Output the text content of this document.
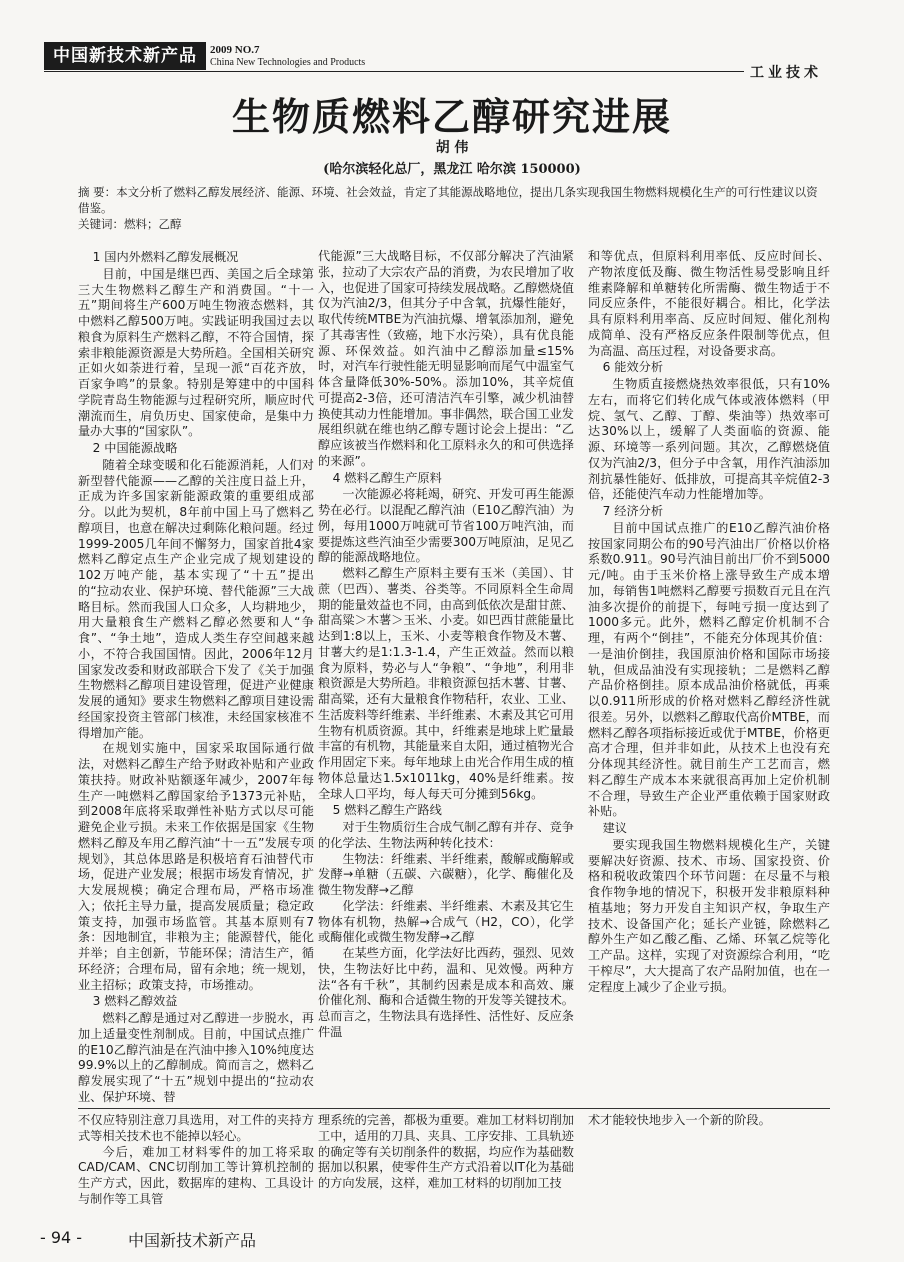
中国新技术新产品	2009 NO.7
China New Technologies and Products
工业技术
生物质燃料乙醇研究进展
胡 伟
(哈尔滨轻化总厂，黑龙江 哈尔滨 150000)

摘 要：本文分析了燃料乙醇发展经济、能源、环境、社会效益，肯定了其能源战略地位，提出几条实现我国生物燃料规模化生产的可行性建议以资借鉴。

关键词：燃料；乙醇

1 国内外燃料乙醇发展概况

目前，中国是继巴西、美国之后全球第三大生物燃料乙醇生产和消费国。“十一五”期间将生产600万吨生物液态燃料，其中燃料乙醇500万吨。实践证明我国过去以粮食为原料生产燃料乙醇，不符合国情，探索非粮能源资源是大势所趋。全国相关研究正如火如荼进行着，呈现一派“百花齐放，百家争鸣”的景象。特别是筹建中的中国科学院青岛生物能源与过程研究所，顺应时代潮流而生，肩负历史、国家使命，是集中力量办大事的“国家队”。

2 中国能源战略

随着全球变暖和化石能源消耗，人们对新型替代能源——乙醇的关注度日益上升，正成为许多国家新能源政策的重要组成部分。以此为契机，8年前中国上马了燃料乙醇项目，也意在解决过剩陈化粮问题。经过1999-2005几年间不懈努力，国家首批4家燃料乙醇定点生产企业完成了规划建设的102万吨产能，基本实现了“十五”提出的“拉动农业、保护环境、替代能源”三大战略目标。然而我国人口众多，人均耕地少，用大量粮食生产燃料乙醇必然要和人“争食”、“争土地”，造成人类生存空间越来越小，不符合我国国情。因此，2006年12月国家发改委和财政部联合下发了《关于加强生物燃料乙醇项目建设管理，促进产业健康发展的通知》要求生物燃料乙醇项目建设需经国家投资主管部门核准，未经国家核准不得增加产能。

在规划实施中，国家采取国际通行做法，对燃料乙醇生产给予财政补贴和产业政策扶持。财政补贴额逐年减少，2007年每生产一吨燃料乙醇国家给予1373元补贴，到2008年底将采取弹性补贴方式以尽可能避免企业亏损。未来工作依据是国家《生物燃料乙醇及车用乙醇汽油“十一五”发展专项规划》，其总体思路是积极培育石油替代市场，促进产业发展；根据市场发育情况，扩大发展规模；确定合理布局，严格市场准入；依托主导力量，提高发展质量；稳定政策支持，加强市场监管。其基本原则有7条：因地制宜，非粮为主；能源替代，能化并举；自主创新，节能环保；清洁生产，循环经济；合理布局，留有余地；统一规划，业主招标；政策支持，市场推动。

3 燃料乙醇效益

燃料乙醇是通过对乙醇进一步脱水，再加上适量变性剂制成。目前，中国试点推广的E10乙醇汽油是在汽油中掺入10%纯度达99.9%以上的乙醇制成。简而言之，燃料乙醇发展实现了“十五”规划中提出的“拉动农业、保护环境、替

代能源”三大战略目标，不仅部分解决了汽油紧张，拉动了大宗农产品的消费，为农民增加了收入，也促进了国家可持续发展战略。乙醇燃烧值仅为汽油2/3，但其分子中含氧，抗爆性能好，取代传统MTBE为汽油抗爆、增氧添加剂，避免了其毒害性（致癌，地下水污染），具有优良能源、环保效益。如汽油中乙醇添加量≤15%时，对汽车行驶性能无明显影响而尾气中温室气体含量降低30%-50%。添加10%，其辛烷值可提高2-3倍，还可清洁汽车引擎，减少机油替换使其动力性能增加。事非偶然，联合国工业发展组织就在维也纳乙醇专题讨论会上提出：“乙醇应该被当作燃料和化工原料永久的和可供选择的来源”。

4 燃料乙醇生产原料

一次能源必将耗竭，研究、开发可再生能源势在必行。以混配乙醇汽油（E10乙醇汽油）为例，每用1000万吨就可节省100万吨汽油，而要提炼这些汽油至少需要300万吨原油，足见乙醇的能源战略地位。

燃料乙醇生产原料主要有玉米（美国）、甘蔗（巴西）、薯类、谷类等。不同原料全生命周期的能量效益也不同，由高到低依次是甜甘蔗、甜高粱＞木薯＞玉米、小麦。如巴西甘蔗能量比达到1:8以上，玉米、小麦等粮食作物及木薯、甘薯大约是1:1.3-1.4，产生正效益。然而以粮食为原料，势必与人“争粮”、“争地”，利用非粮资源是大势所趋。非粮资源包括木薯、甘薯、甜高粱，还有大量粮食作物秸秆，农业、工业、生活废料等纤维素、半纤维素、木素及其它可用生物有机质资源。其中，纤维素是地球上贮量最丰富的有机物，其能量来自太阳，通过植物光合作用固定下来。每年地球上由光合作用生成的植物体总量达1.5x1011kg，40%是纤维素。按全球人口平均，每人每天可分摊到56kg。

5 燃料乙醇生产路线

对于生物质衍生合成气制乙醇有并存、竞争的化学法、生物法两种转化技术：

生物法：纤维素、半纤维素，酸解或酶解或发酵→单糖（五碳、六碳糖），化学、酶催化及微生物发酵→乙醇

化学法：纤维素、半纤维素、木素及其它生物体有机物，热解→合成气（H2，CO），化学或酶催化或微生物发酵→乙醇

在某些方面，化学法好比西药，强烈、见效快，生物法好比中药，温和、见效慢。两种方法“各有千秋”，其制约因素是成本和高效、廉价催化剂、酶和合适微生物的开发等关键技术。总而言之，生物法具有选择性、活性好、反应条件温

和等优点，但原料利用率低、反应时间长、产物浓度低及酶、微生物活性易受影响且纤维素降解和单糖转化所需酶、微生物适于不同反应条件，不能很好耦合。相比，化学法具有原料利用率高、反应时间短、催化剂构成简单、没有严格反应条件限制等优点，但为高温、高压过程，对设备要求高。

6 能效分析

生物质直接燃烧热效率很低，只有10%左右，而将它们转化成气体或液体燃料（甲烷、氢气、乙醇、丁醇、柴油等）热效率可达30%以上，缓解了人类面临的资源、能源、环境等一系列问题。其次，乙醇燃烧值仅为汽油2/3，但分子中含氧，用作汽油添加剂抗暴性能好、低排放，可提高其辛烷值2-3倍，还能使汽车动力性能增加等。

7 经济分析

目前中国试点推广的E10乙醇汽油价格按国家同期公布的90号汽油出厂价格以价格系数0.911。90号汽油目前出厂价不到5000元/吨。由于玉米价格上涨导致生产成本增加，每销售1吨燃料乙醇要亏损数百元且在汽油多次提价的前提下，每吨亏损一度达到了1000多元。此外，燃料乙醇定价机制不合理，有两个“倒挂”，不能充分体现其价值：一是油价倒挂，我国原油价格和国际市场接轨，但成品油没有实现接轨；二是燃料乙醇产品价格倒挂。原本成品油价格就低，再乘以0.911所形成的价格对燃料乙醇经济性就很差。另外，以燃料乙醇取代高价MTBE，而燃料乙醇各项指标接近或优于MTBE，价格更高才合理，但并非如此，从技术上也没有充分体现其经济性。就目前生产工艺而言，燃料乙醇生产成本本来就很高再加上定价机制不合理，导致生产企业严重依赖于国家财政补贴。

建议

要实现我国生物燃料规模化生产，关键要解决好资源、技术、市场、国家投资、价格和税收政策四个环节问题：在尽量不与粮食作物争地的情况下，积极开发非粮原料种植基地；努力开发自主知识产权，争取生产技术、设备国产化；延长产业链，除燃料乙醇外生产如乙酸乙酯、乙烯、环氧乙烷等化工产品。这样，实现了对资源综合利用，“吃干榨尽”，大大提高了农产品附加值，也在一定程度上减少了企业亏损。

不仅应特别注意刀具选用，对工件的夹持方式等相关技术也不能掉以轻心。

今后，难加工材料零件的加工将采取CAD/CAM、CNC切削加工等计算机控制的生产方式，因此，数据库的建构、工具设计与制作等工具管

理系统的完善，都极为重要。难加工材料切削加工中，适用的刀具、夹具、工序安排、工具轨迹的确定等有关切削条件的数据，均应作为基础数据加以积累，使零件生产方式沿着以IT化为基础的方向发展，这样，难加工材料的切削加工技

术才能较快地步入一个新的阶段。

- 94 -	中国新技术新产品
